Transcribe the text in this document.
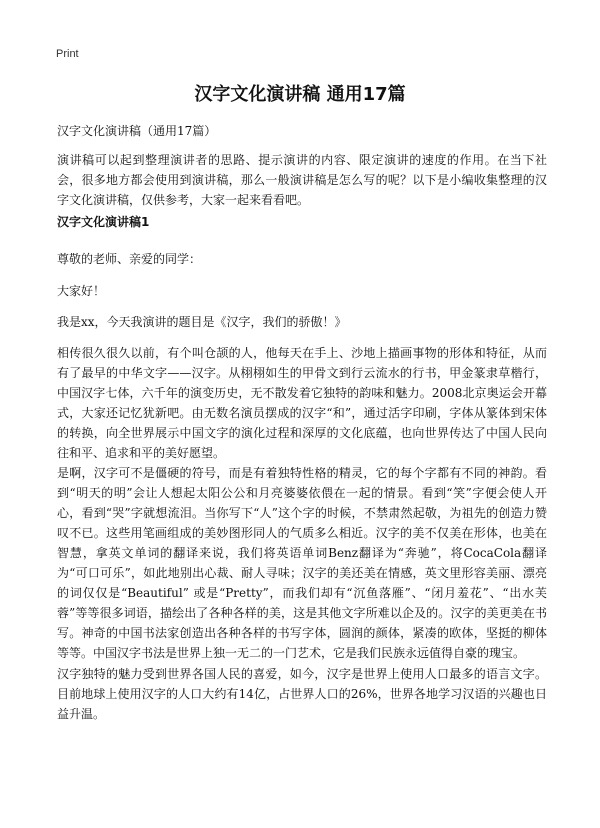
Print
汉字文化演讲稿 通用17篇
汉字文化演讲稿（通用17篇）
演讲稿可以起到整理演讲者的思路、提示演讲的内容、限定演讲的速度的作用。在当下社会，很多地方都会使用到演讲稿，那么一般演讲稿是怎么写的呢？以下是小编收集整理的汉字文化演讲稿，仅供参考，大家一起来看看吧。
汉字文化演讲稿1
尊敬的老师、亲爱的同学：
大家好！
我是xx，今天我演讲的题目是《汉字，我们的骄傲！》
相传很久很久以前，有个叫仓颉的人，他每天在手上、沙地上描画事物的形体和特征，从而有了最早的中华文字——汉字。从栩栩如生的甲骨文到行云流水的行书，甲金篆隶草楷行，中国汉字七体，六千年的演变历史，无不散发着它独特的韵味和魅力。2008北京奥运会开幕式，大家还记忆犹新吧。由无数名演员摆成的汉字“和”，通过活字印刷，字体从篆体到宋体的转换，向全世界展示中国文字的演化过程和深厚的文化底蕴，也向世界传达了中国人民向往和平、追求和平的美好愿望。
是啊，汉字可不是僵硬的符号，而是有着独特性格的精灵，它的每个字都有不同的神韵。看到“明天的明”会让人想起太阳公公和月亮婆婆依偎在一起的情景。看到“笑”字便会使人开心，看到“哭”字就想流泪。当你写下“人”这个字的时候，不禁肃然起敬，为祖先的创造力赞叹不已。这些用笔画组成的美妙图形同人的气质多么相近。汉字的美不仅美在形体，也美在智慧，拿英文单词的翻译来说，我们将英语单词Benz翻译为“奔驰”，将CocaCola翻译为“可口可乐”，如此地别出心裁、耐人寻味；汉字的美还美在情感，英文里形容美丽、漂亮的词仅仅是“Beautiful” 或是“Pretty”，而我们却有“沉鱼落雁”、“闭月羞花”、“出水芙蓉”等等很多词语，描绘出了各种各样的美，这是其他文字所难以企及的。汉字的美更美在书写。神奇的中国书法家创造出各种各样的书写字体，圆润的颜体，紧凑的欧体，坚挺的柳体等等。中国汉字书法是世界上独一无二的一门艺术，它是我们民族永远值得自豪的瑰宝。
汉字独特的魅力受到世界各国人民的喜爱，如今，汉字是世界上使用人口最多的语言文字。目前地球上使用汉字的人口大约有14亿，占世界人口的26%，世界各地学习汉语的兴趣也日益升温。
